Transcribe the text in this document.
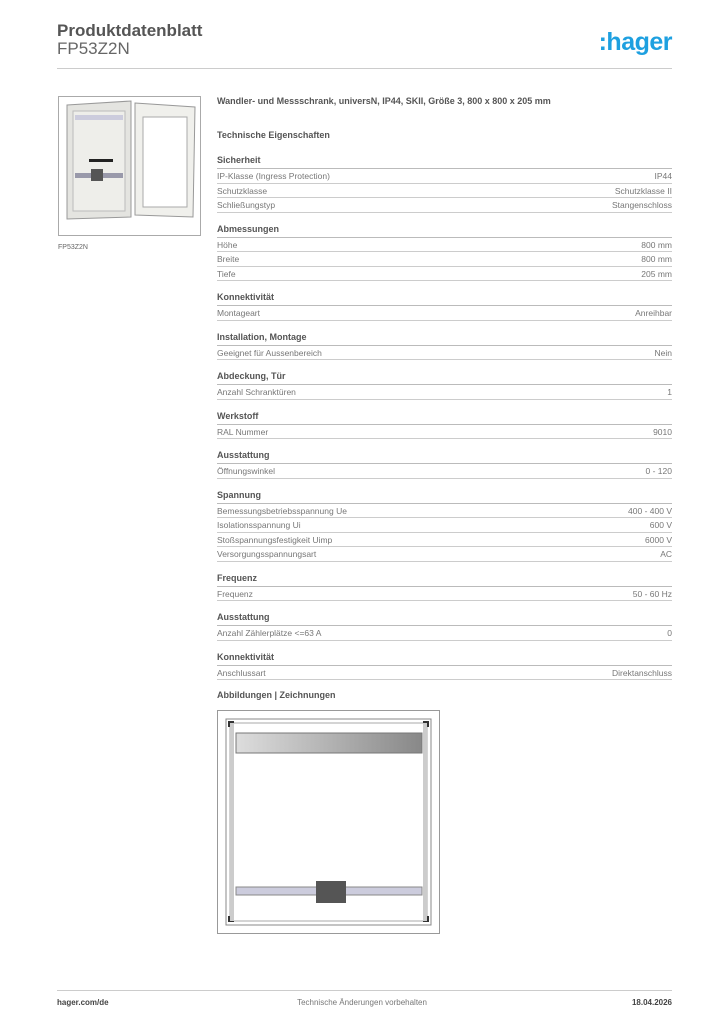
Produktdatenblatt
FP53Z2N	:hager
FP53Z2N
Wandler- und Messschrank, universN, IP44, SKII, Größe 3, 800 x 800 x 205 mm
Technische Eigenschaften
Sicherheit
IP-Klasse (Ingress Protection)	IP44
Schutzklasse	Schutzklasse II
Schließungstyp	Stangenschloss
Abmessungen
Höhe	800 mm
Breite	800 mm
Tiefe	205 mm
Konnektivität
Montageart	Anreihbar
Installation, Montage
Geeignet für Aussenbereich	Nein
Abdeckung, Tür
Anzahl Schranktüren	1
Werkstoff
RAL Nummer	9010
Ausstattung
Öffnungswinkel	0 - 120
Spannung
Bemessungsbetriebsspannung Ue	400 - 400 V
Isolationsspannung Ui	600 V
Stoßspannungsfestigkeit Uimp	6000 V
Versorgungsspannungsart	AC
Frequenz
Frequenz	50 - 60 Hz
Ausstattung
Anzahl Zählerplätze <=63 A	0
Konnektivität
Anschlussart	Direktanschluss
Abbildungen | Zeichnungen
hager.com/de	Technische Änderungen vorbehalten	18.04.2026
